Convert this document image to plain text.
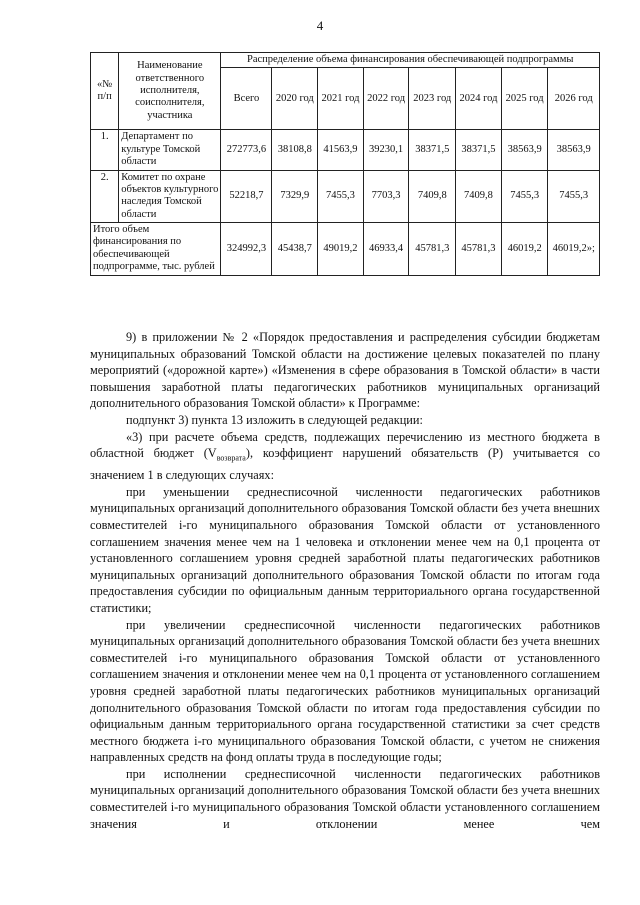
4
«№ п/п	Наименование ответственного исполнителя, соисполнителя, участника	Распределение объема финансирования обеспечивающей подпрограммы							
		Всего	2020 год	2021 год	2022 год	2023 год	2024 год	2025 год	2026 год
1.	Департамент по культуре Томской области	272773,6	38108,8	41563,9	39230,1	38371,5	38371,5	38563,9	38563,9
2.	Комитет по охране объектов культурного наследия Томской области	52218,7	7329,9	7455,3	7703,3	7409,8	7409,8	7455,3	7455,3
Итого объем финансирования по обеспечивающей подпрограмме, тыс. рублей		324992,3	45438,7	49019,2	46933,4	45781,3	45781,3	46019,2	46019,2»;

9) в приложении № 2 «Порядок предоставления и распределения субсидии бюджетам муниципальных образований Томской области на достижение целевых показателей по плану мероприятий («дорожной карте») «Изменения в сфере образования в Томской области» в части повышения заработной платы педагогических работников муниципальных организаций дополнительного образования Томской области» к Программе:

подпункт 3) пункта 13 изложить в следующей редакции:

«3) при расчете объема средств, подлежащих перечислению из местного бюджета в областной бюджет $(V_{возврата})$, коэффициент нарушений обязательств (P) учитывается со значением 1 в следующих случаях:

при уменьшении среднесписочной численности педагогических работников муниципальных организаций дополнительного образования Томской области без учета внешних совместителей i-го муниципального образования Томской области от установленного соглашением значения менее чем на 1 человека и отклонении менее чем на 0,1 процента от установленного соглашением уровня средней заработной платы педагогических работников муниципальных организаций дополнительного образования Томской области по итогам года предоставления субсидии по официальным данным территориального органа государственной статистики;

при увеличении среднесписочной численности педагогических работников муниципальных организаций дополнительного образования Томской области без учета внешних совместителей i-го муниципального образования Томской области от установленного соглашением значения и отклонении менее чем на 0,1 процента от установленного соглашением уровня средней заработной платы педагогических работников муниципальных организаций дополнительного образования Томской области по итогам года предоставления субсидии по официальным данным территориального органа государственной статистики за счет средств местного бюджета i-го муниципального образования Томской области, с учетом не снижения направленных средств на фонд оплаты труда в последующие годы;

при исполнении среднесписочной численности педагогических работников муниципальных организаций дополнительного образования Томской области без учета внешних совместителей i-го муниципального образования Томской области установленного соглашением значения и отклонении менее чем
